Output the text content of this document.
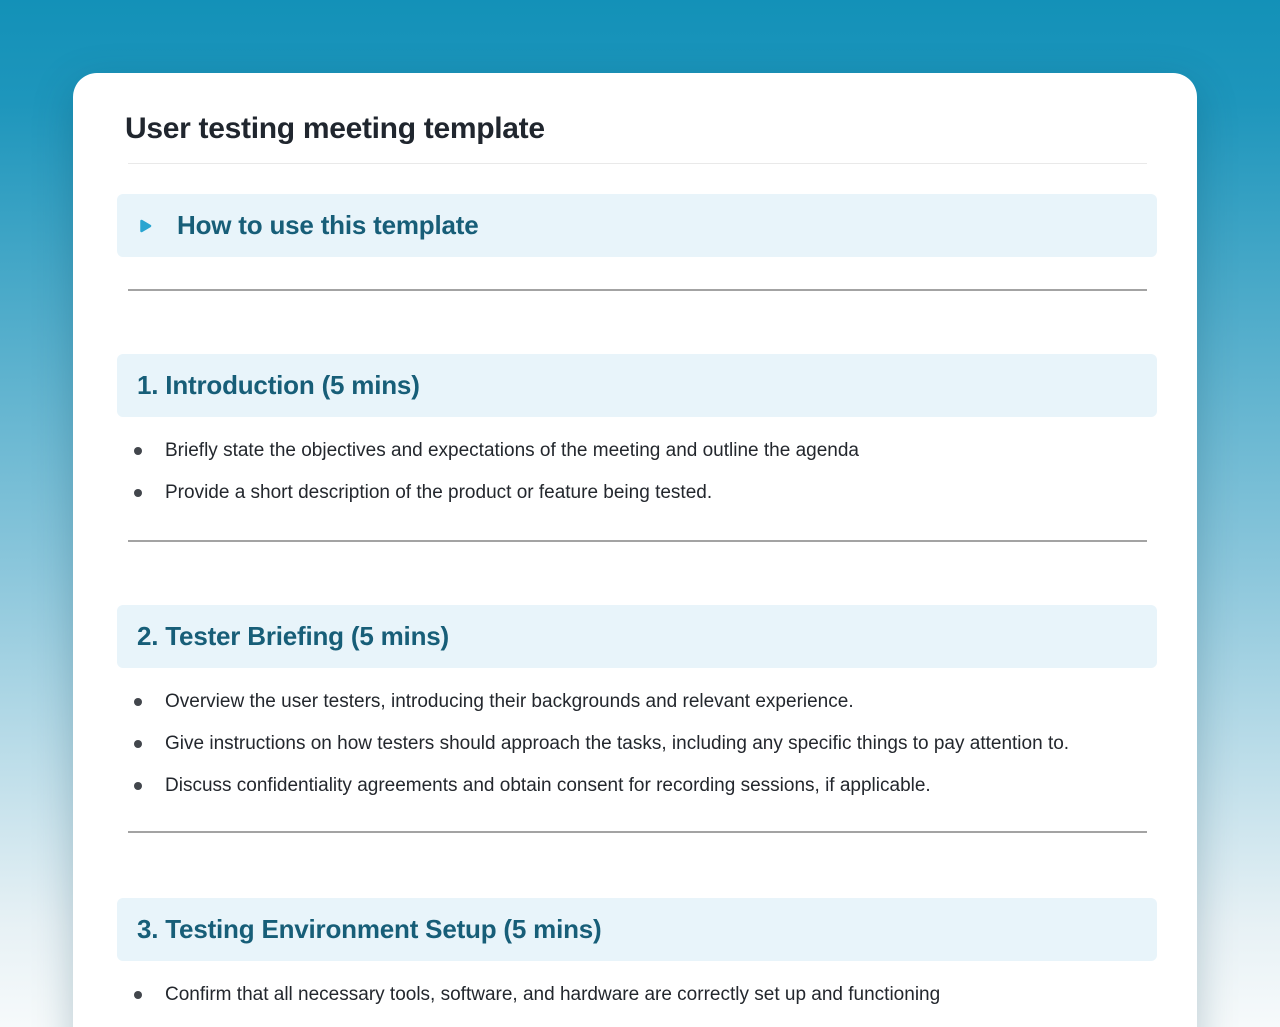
User testing meeting template
How to use this template
1. Introduction (5 mins)
Briefly state the objectives and expectations of the meeting and outline the agenda
Provide a short description of the product or feature being tested.
2. Tester Briefing (5 mins)
Overview the user testers, introducing their backgrounds and relevant experience.
Give instructions on how testers should approach the tasks, including any specific things to pay attention to.
Discuss confidentiality agreements and obtain consent for recording sessions, if applicable.
3. Testing Environment Setup (5 mins)
Confirm that all necessary tools, software, and hardware are correctly set up and functioning
